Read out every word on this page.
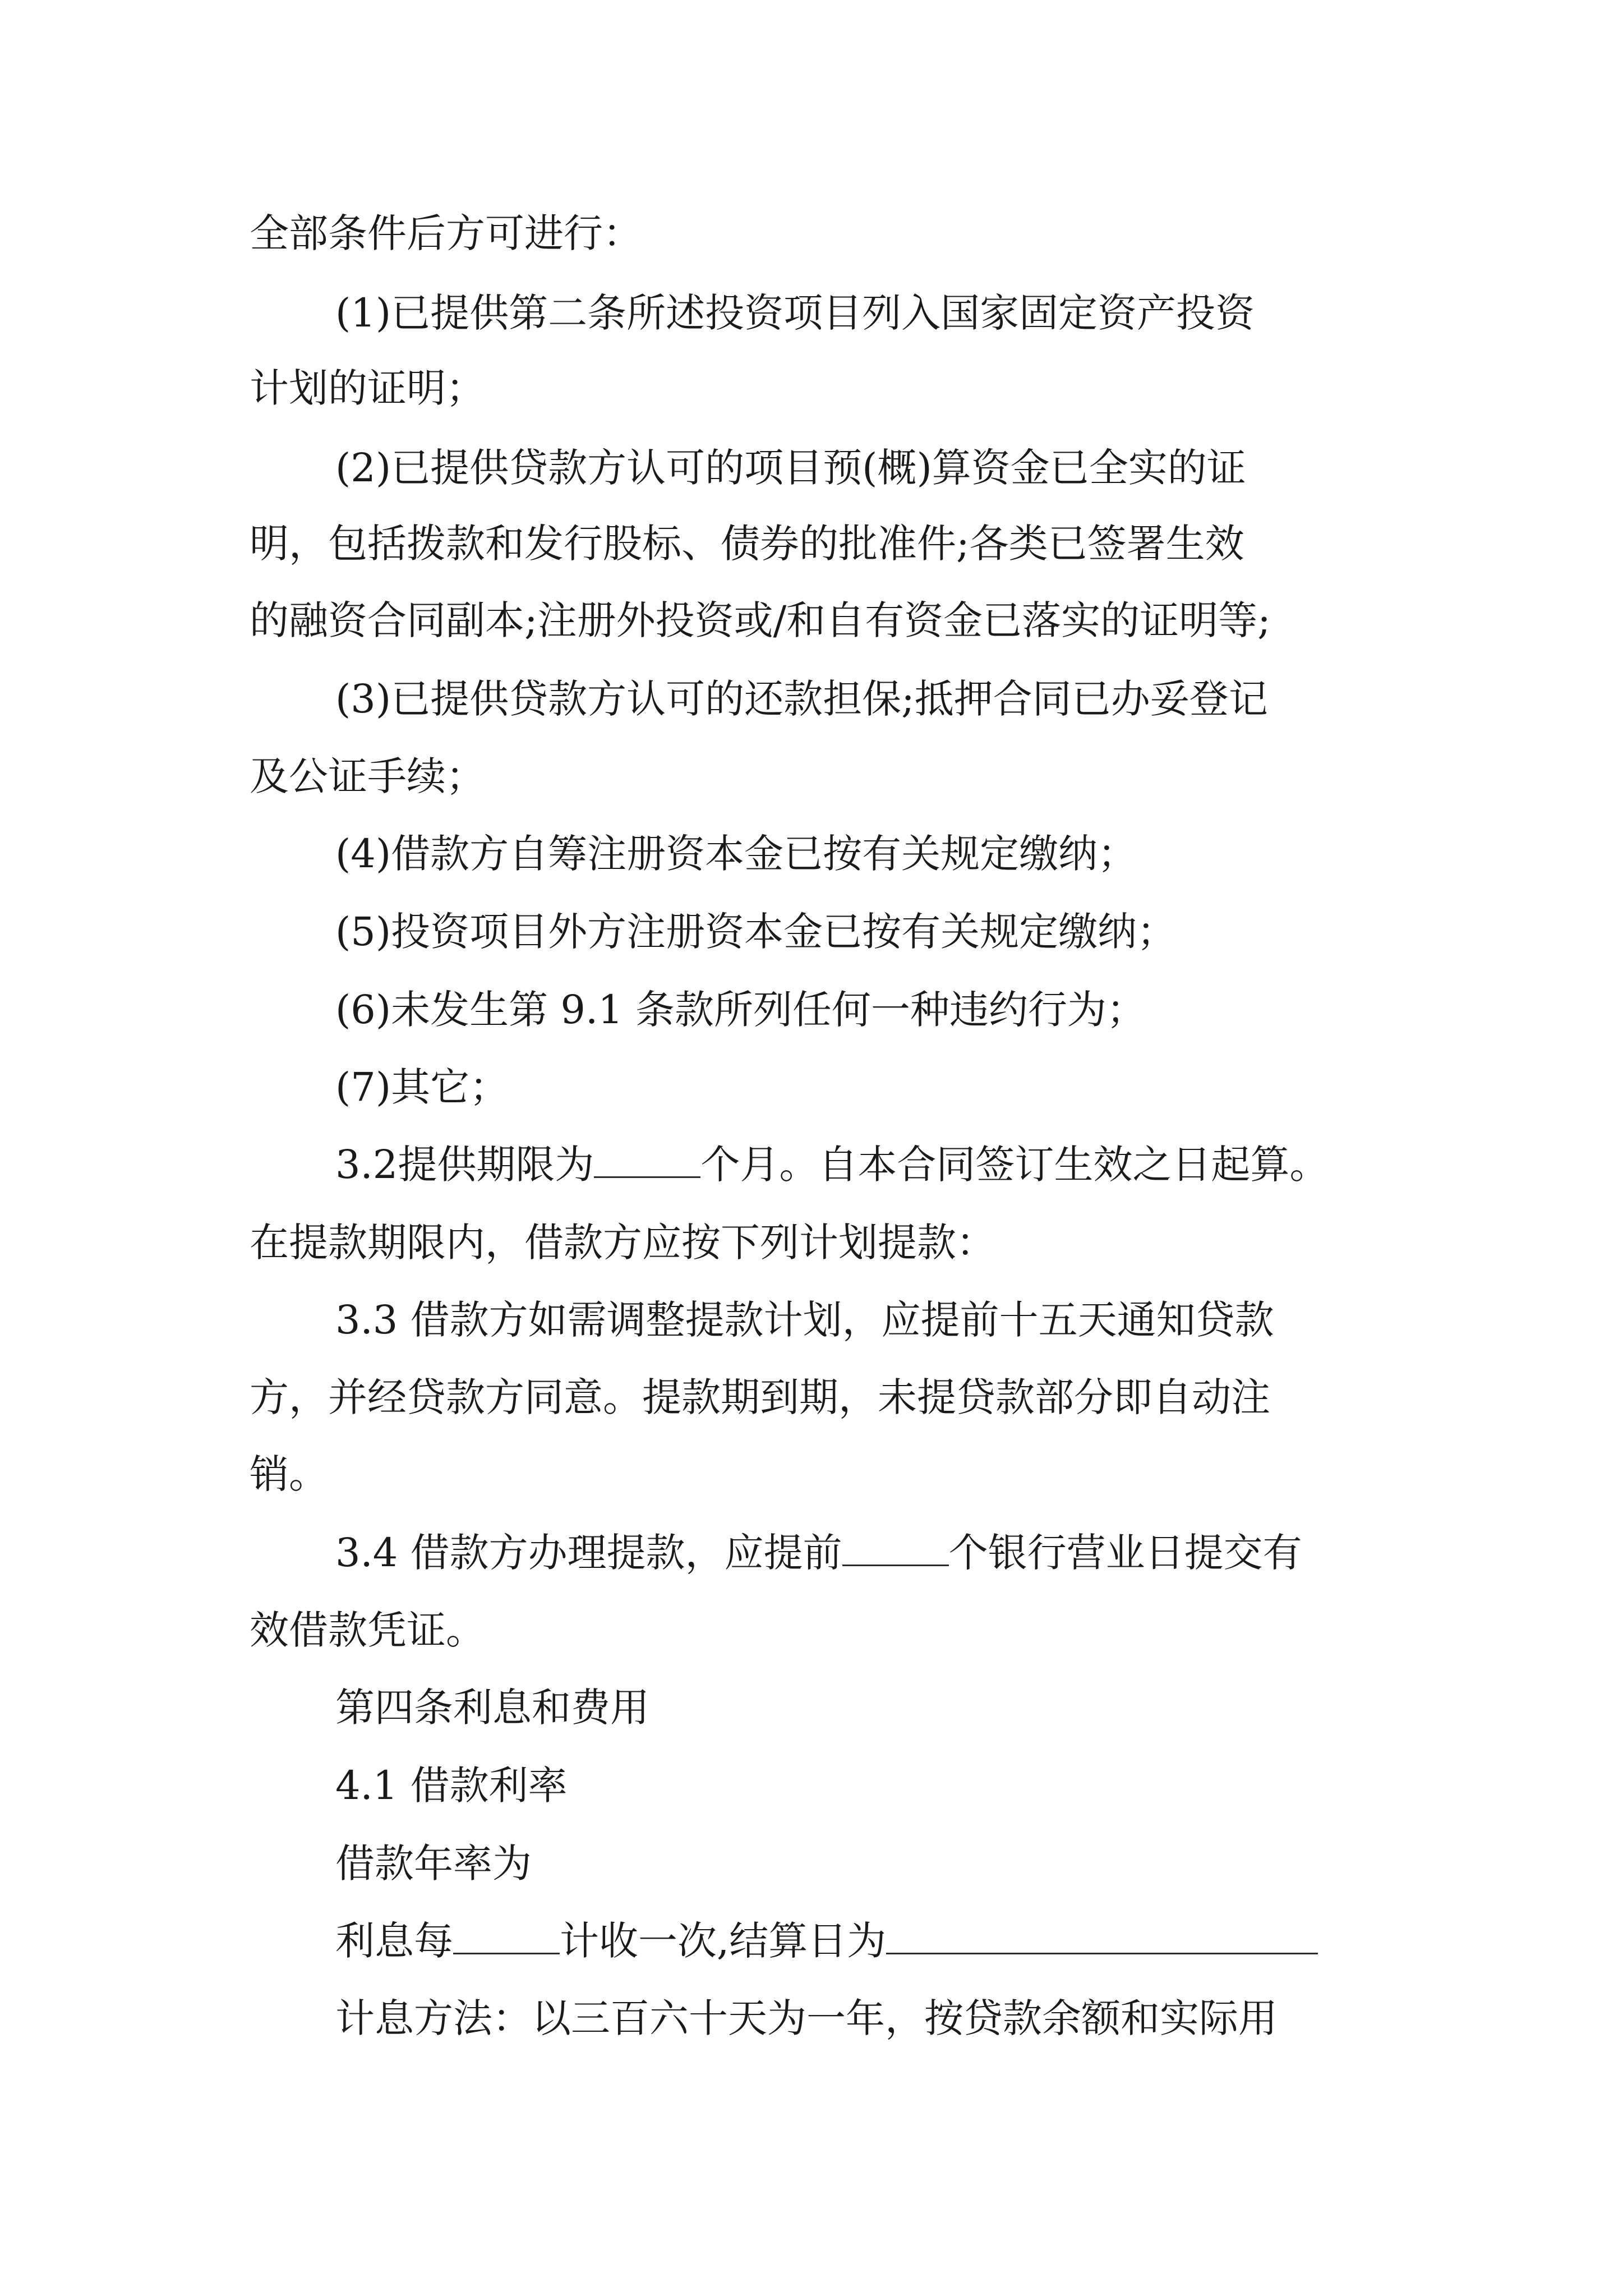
全部条件后方可进行：
(1)已提供第二条所述投资项目列入国家固定资产投资
计划的证明；
(2)已提供贷款方认可的项目预(概)算资金已全实的证
明，包括拨款和发行股标、债券的批准件;各类已签署生效
的融资合同副本;注册外投资或/和自有资金已落实的证明等;
(3)已提供贷款方认可的还款担保;抵押合同已办妥登记
及公证手续；
(4)借款方自筹注册资本金已按有关规定缴纳；
(5)投资项目外方注册资本金已按有关规定缴纳；
(6)未发生第 9.1 条款所列任何一种违约行为；
(7)其它；
3.2提供期限为	个月。自本合同签订生效之日起算。
在提款期限内，借款方应按下列计划提款：
3.3 借款方如需调整提款计划，应提前十五天通知贷款
方，并经贷款方同意。提款期到期，未提贷款部分即自动注
销。
3.4 借款方办理提款，应提前	个银行营业日提交有
效借款凭证。
第四条利息和费用
4.1 借款利率
借款年率为
利息每	计收一次,结算日为
计息方法：以三百六十天为一年，按贷款余额和实际用
